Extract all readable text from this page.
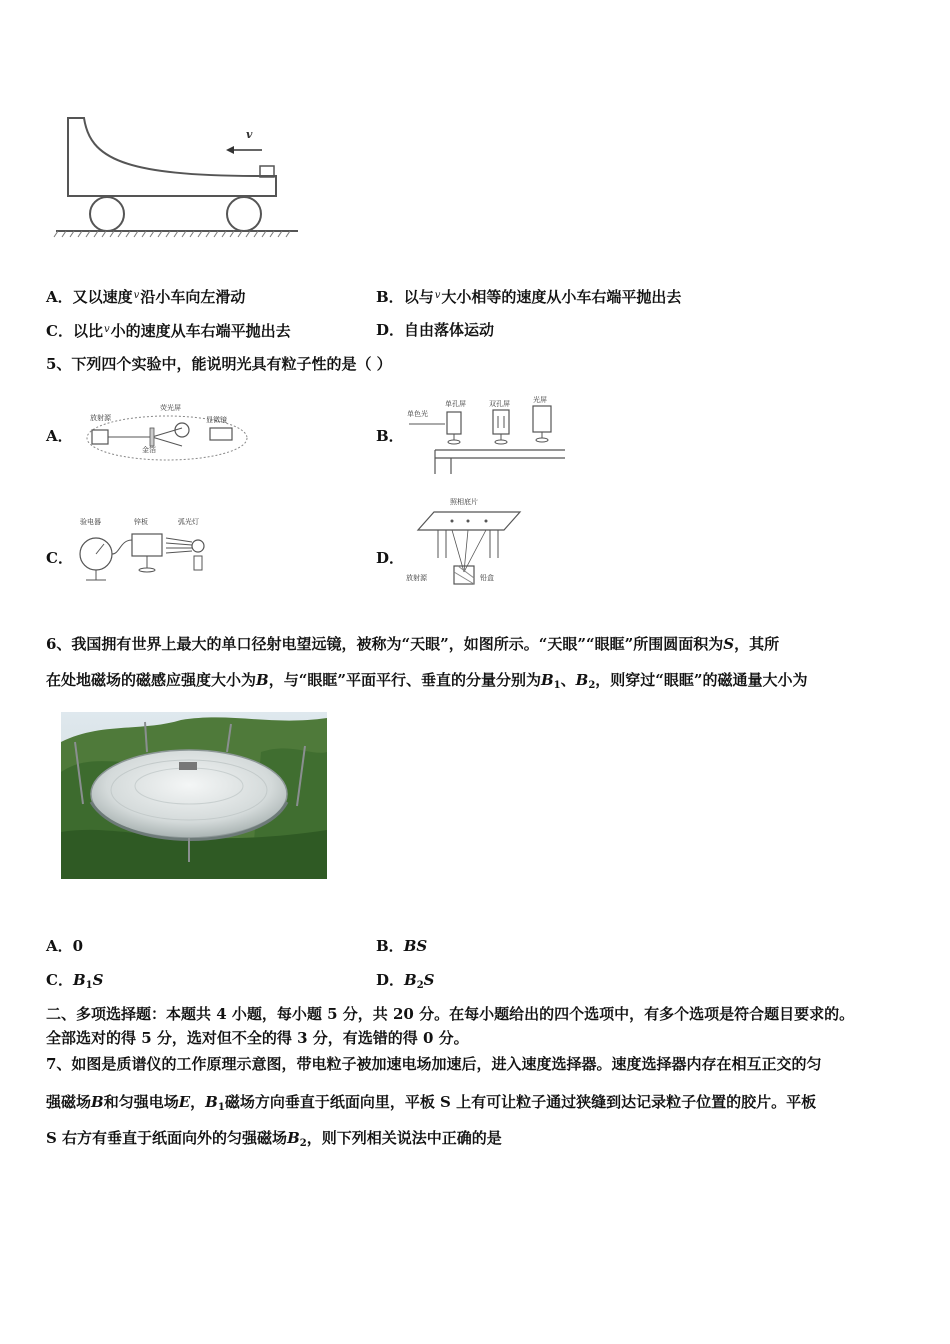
v
A．又以速度$^v$沿小车向左滑动	B．以与$^v$大小相等的速度从小车右端平抛出去
C．以比$^v$小的速度从车右端平抛出去	D．自由落体运动
5、下列四个实验中，能说明光具有粒子性的是（ ）
A．
放射源
金箔
荧光屏
显微镜
B．
单色光
单孔屏	双孔屏	光屏
C．
验电器	锌板	弧光灯
D．
照相底片
放射源	铅盒
6、我国拥有世界上最大的单口径射电望远镜，被称为“天眼”，如图所示。“天眼”“眼眶”所围圆面积为S，其所
在处地磁场的磁感应强度大小为B，与“眼眶”平面平行、垂直的分量分别为$B_1$、$B_2$，则穿过“眼眶”的磁通量大小为
A．0	B．BS
C．$B_1S$	D．$B_2S$
二、多项选择题：本题共 4 小题，每小题 5 分，共 20 分。在每小题给出的四个选项中，有多个选项是符合题目要求的。
全部选对的得 5 分，选对但不全的得 3 分，有选错的得 0 分。
7、如图是质谱仪的工作原理示意图，带电粒子被加速电场加速后，进入速度选择器。速度选择器内存在相互正交的匀
强磁场B和匀强电场E，$B_1$磁场方向垂直于纸面向里，平板 S 上有可让粒子通过狭缝到达记录粒子位置的胶片。平板
S 右方有垂直于纸面向外的匀强磁场$B_2$，则下列相关说法中正确的是
